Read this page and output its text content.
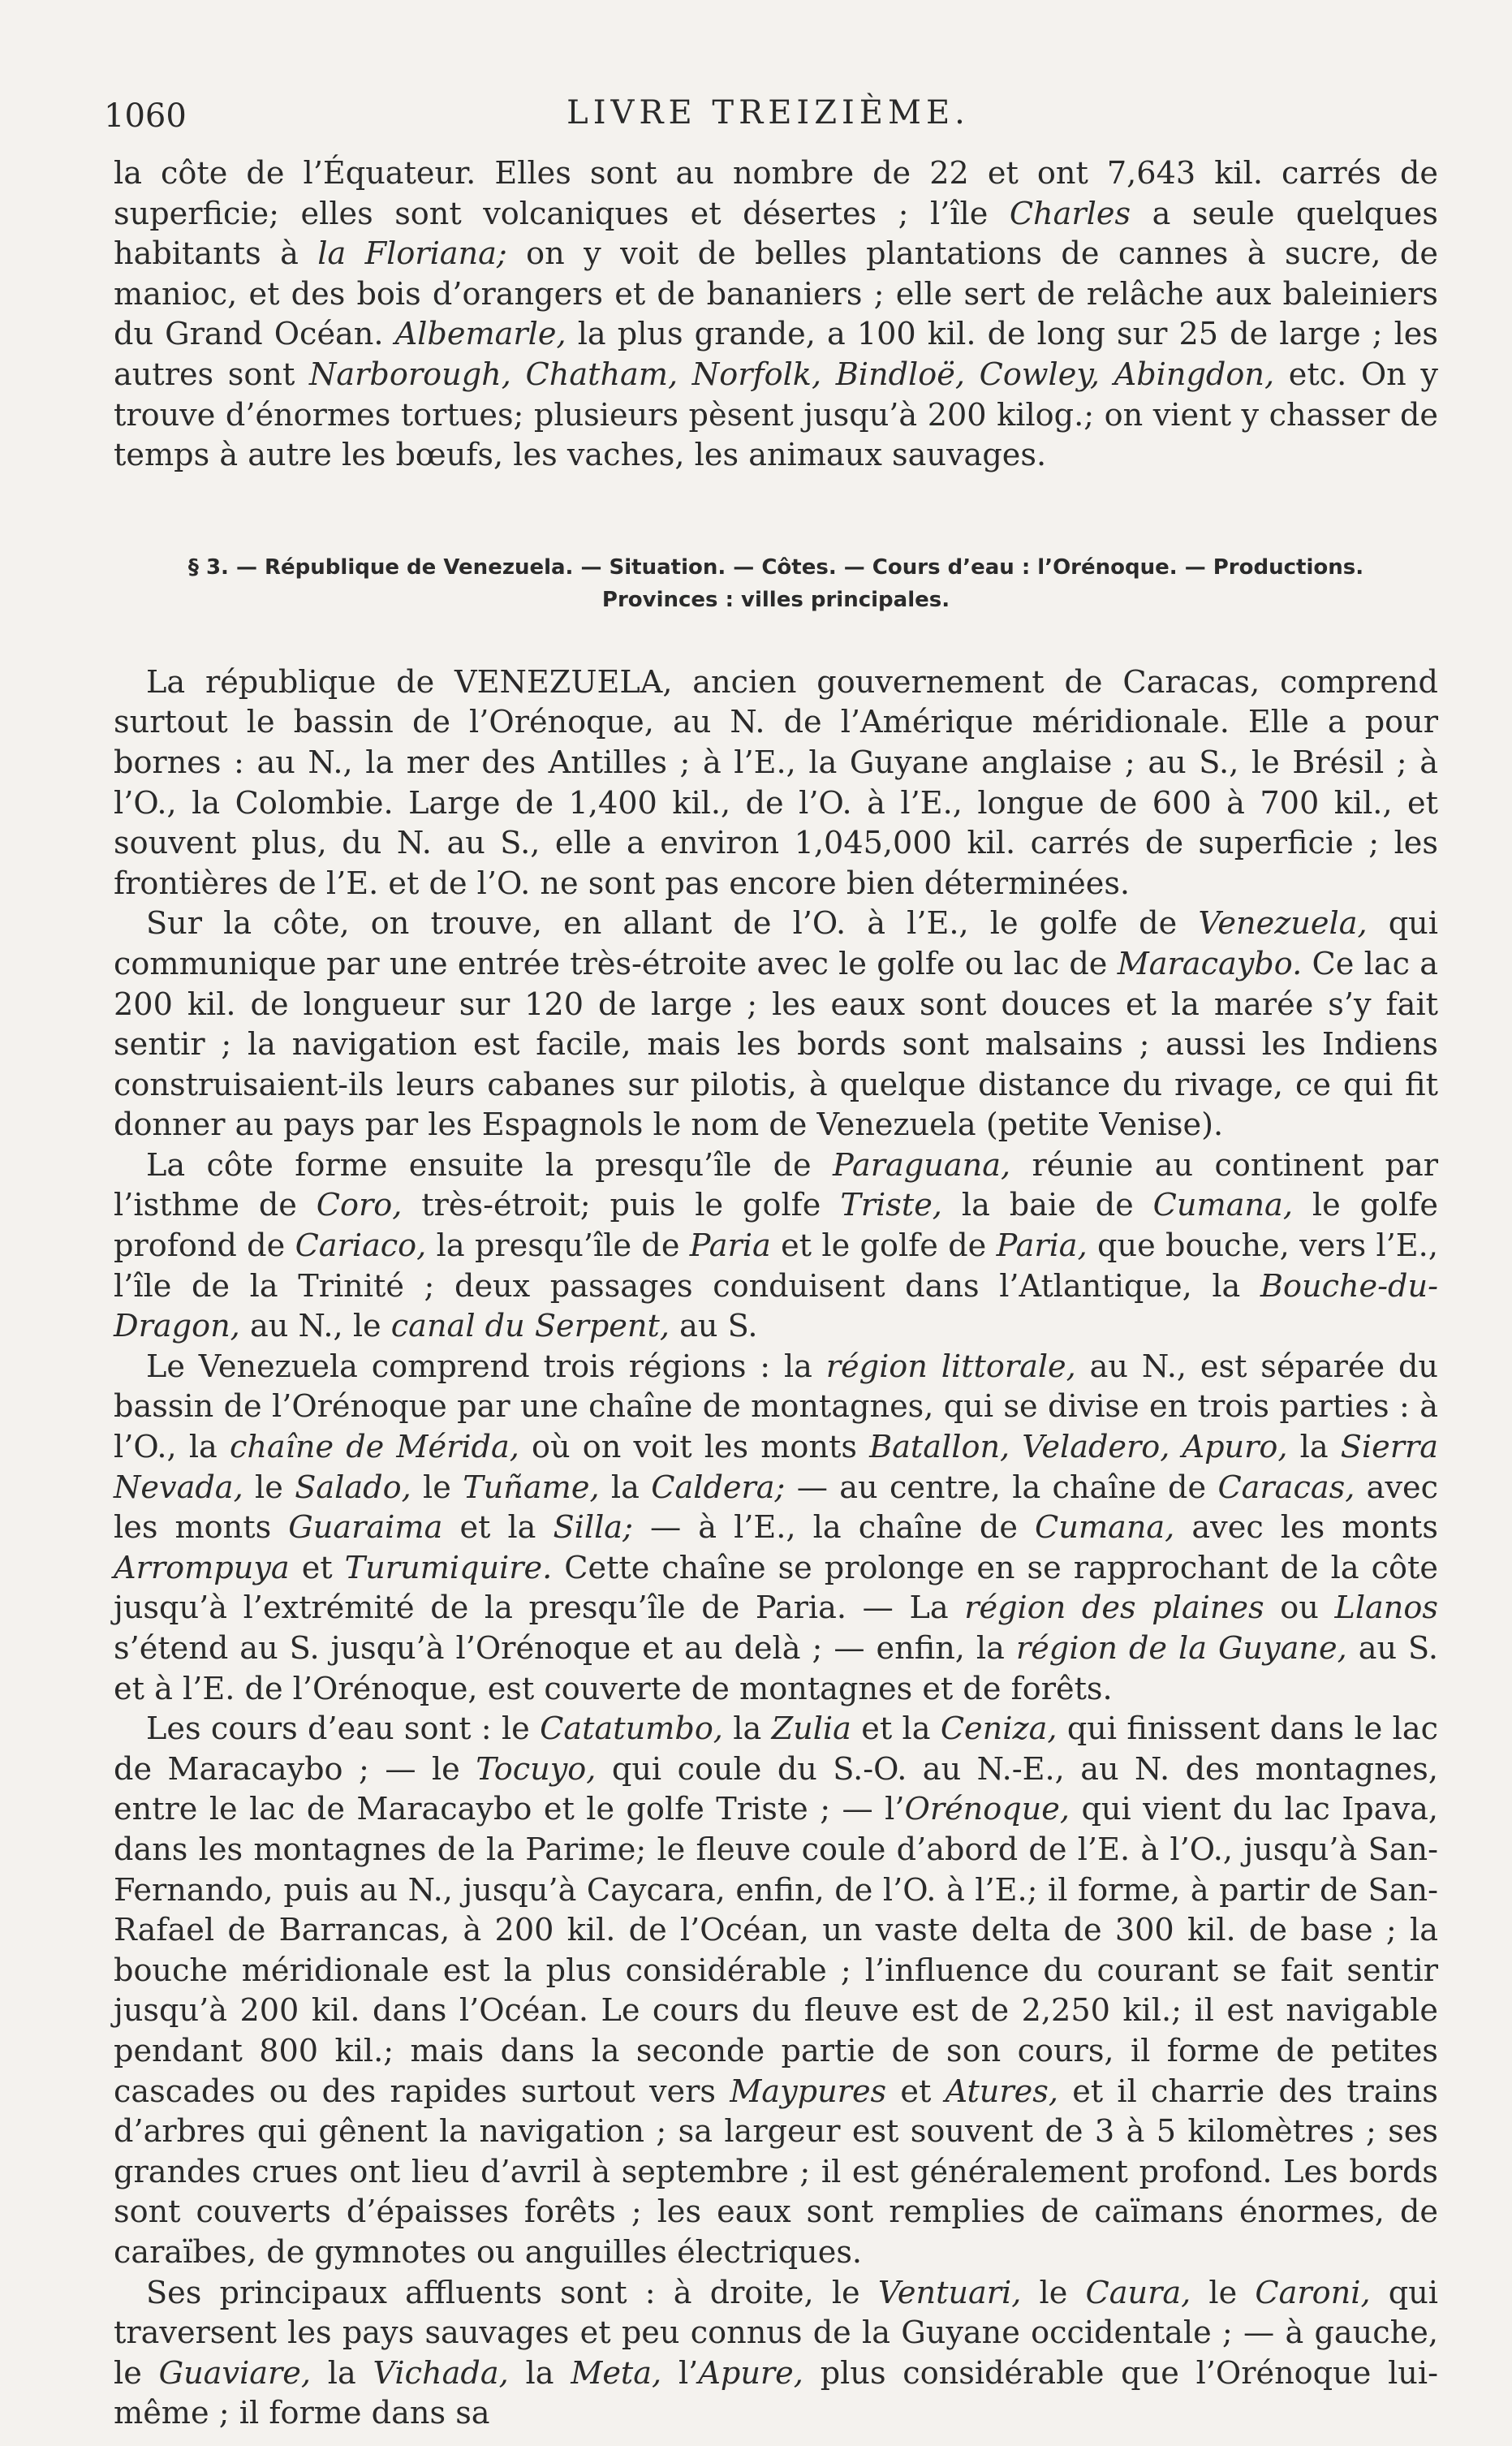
1060	LIVRE TREIZIÈME.

la côte de l’Équateur. Elles sont au nombre de 22 et ont 7,643 kil. carrés de superficie; elles sont volcaniques et désertes ; l’île Charles a seule quelques habitants à la Floriana; on y voit de belles plantations de cannes à sucre, de manioc, et des bois d’orangers et de bananiers ; elle sert de relâche aux baleiniers du Grand Océan. Albemarle, la plus grande, a 100 kil. de long sur 25 de large ; les autres sont Narborough, Chatham, Norfolk, Bindloë, Cowley, Abingdon, etc. On y trouve d’énormes tortues; plusieurs pèsent jusqu’à 200 kilog.; on vient y chasser de temps à autre les bœufs, les vaches, les animaux sauvages.

§ 3. — République de Venezuela. — Situation. — Côtes. — Cours d’eau : l’Orénoque. — Productions.
Provinces : villes principales.

La république de VENEZUELA, ancien gouvernement de Caracas, comprend surtout le bassin de l’Orénoque, au N. de l’Amérique méridionale. Elle a pour bornes : au N., la mer des Antilles ; à l’E., la Guyane anglaise ; au S., le Brésil ; à l’O., la Colombie. Large de 1,400 kil., de l’O. à l’E., longue de 600 à 700 kil., et souvent plus, du N. au S., elle a environ 1,045,000 kil. carrés de superficie ; les frontières de l’E. et de l’O. ne sont pas encore bien déterminées.

Sur la côte, on trouve, en allant de l’O. à l’E., le golfe de Venezuela, qui communique par une entrée très-étroite avec le golfe ou lac de Maracaybo. Ce lac a 200 kil. de longueur sur 120 de large ; les eaux sont douces et la marée s’y fait sentir ; la navigation est facile, mais les bords sont malsains ; aussi les Indiens construisaient-ils leurs cabanes sur pilotis, à quelque distance du rivage, ce qui fit donner au pays par les Espagnols le nom de Venezuela (petite Venise).

La côte forme ensuite la presqu’île de Paraguana, réunie au continent par l’isthme de Coro, très-étroit; puis le golfe Triste, la baie de Cumana, le golfe profond de Cariaco, la presqu’île de Paria et le golfe de Paria, que bouche, vers l’E., l’île de la Trinité ; deux passages conduisent dans l’Atlantique, la Bouche-du-Dragon, au N., le canal du Serpent, au S.

Le Venezuela comprend trois régions : la région littorale, au N., est séparée du bassin de l’Orénoque par une chaîne de montagnes, qui se divise en trois parties : à l’O., la chaîne de Mérida, où on voit les monts Batallon, Veladero, Apuro, la Sierra Nevada, le Salado, le Tuñame, la Caldera; — au centre, la chaîne de Caracas, avec les monts Guaraima et la Silla; — à l’E., la chaîne de Cumana, avec les monts Arrompuya et Turumiquire. Cette chaîne se prolonge en se rapprochant de la côte jusqu’à l’extrémité de la presqu’île de Paria. — La région des plaines ou Llanos s’étend au S. jusqu’à l’Orénoque et au delà ; — enfin, la région de la Guyane, au S. et à l’E. de l’Orénoque, est couverte de montagnes et de forêts.

Les cours d’eau sont : le Catatumbo, la Zulia et la Ceniza, qui finissent dans le lac de Maracaybo ; — le Tocuyo, qui coule du S.-O. au N.-E., au N. des montagnes, entre le lac de Maracaybo et le golfe Triste ; — l’Orénoque, qui vient du lac Ipava, dans les montagnes de la Parime; le fleuve coule d’abord de l’E. à l’O., jusqu’à San-Fernando, puis au N., jusqu’à Caycara, enfin, de l’O. à l’E.; il forme, à partir de San-Rafael de Barrancas, à 200 kil. de l’Océan, un vaste delta de 300 kil. de base ; la bouche méridionale est la plus considérable ; l’influence du courant se fait sentir jusqu’à 200 kil. dans l’Océan. Le cours du fleuve est de 2,250 kil.; il est navigable pendant 800 kil.; mais dans la seconde partie de son cours, il forme de petites cascades ou des rapides surtout vers Maypures et Atures, et il charrie des trains d’arbres qui gênent la navigation ; sa largeur est souvent de 3 à 5 kilomètres ; ses grandes crues ont lieu d’avril à septembre ; il est généralement profond. Les bords sont couverts d’épaisses forêts ; les eaux sont remplies de caïmans énormes, de caraïbes, de gymnotes ou anguilles électriques.

Ses principaux affluents sont : à droite, le Ventuari, le Caura, le Caroni, qui traversent les pays sauvages et peu connus de la Guyane occidentale ; — à gauche, le Guaviare, la Vichada, la Meta, l’Apure, plus considérable que l’Orénoque lui-même ; il forme dans sa
